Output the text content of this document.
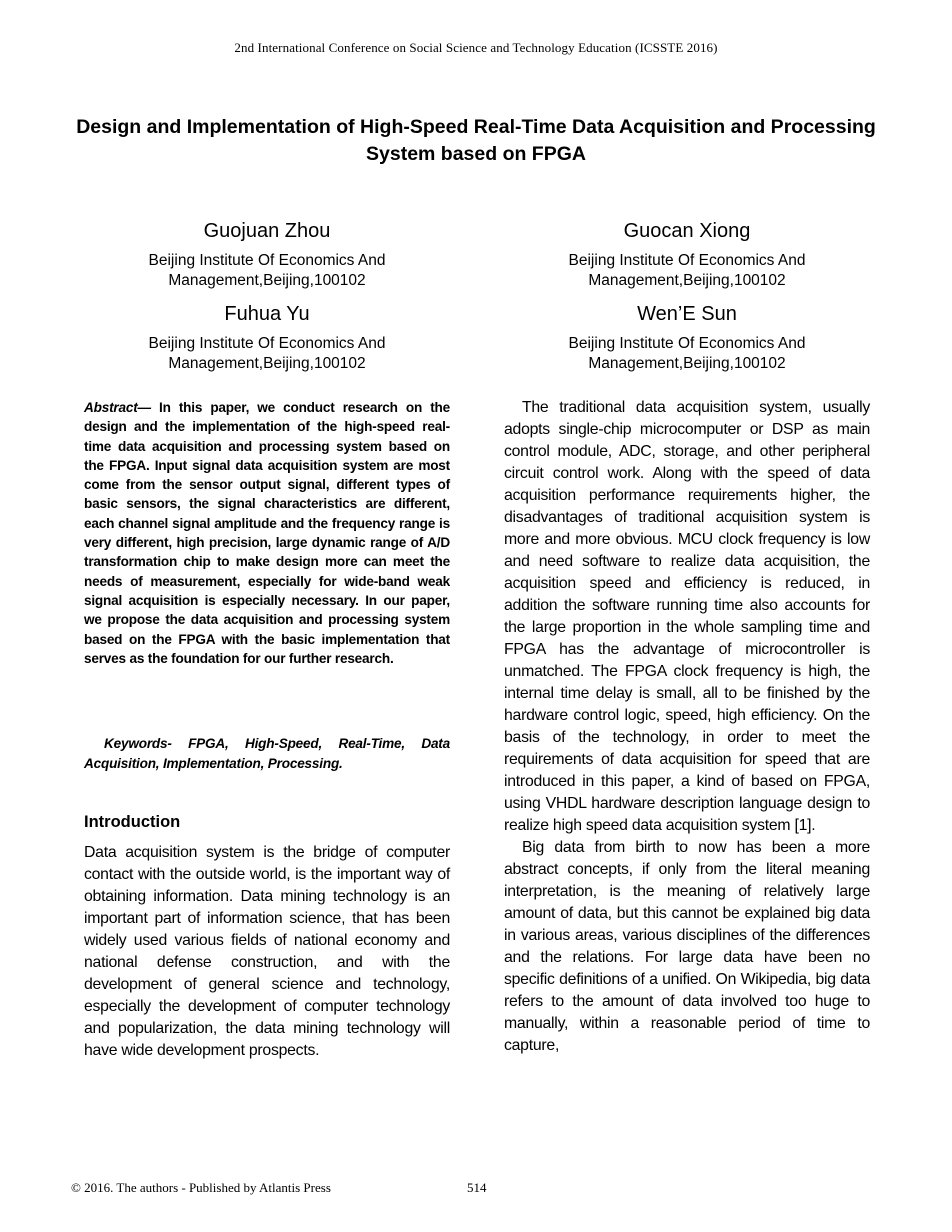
2nd International Conference on Social Science and Technology Education (ICSSTE 2016)
Design and Implementation of High-Speed Real-Time Data Acquisition and Processing System based on FPGA
Guojuan Zhou
Beijing Institute Of Economics And Management,Beijing,100102
Guocan Xiong
Beijing Institute Of Economics And Management,Beijing,100102
Fuhua Yu
Beijing Institute Of Economics And Management,Beijing,100102
Wen’E Sun
Beijing Institute Of Economics And Management,Beijing,100102

Abstract— In this paper, we conduct research on the design and the implementation of the high-speed real-time data acquisition and processing system based on the FPGA. Input signal data acquisition system are most come from the sensor output signal, different types of basic sensors, the signal characteristics are different, each channel signal amplitude and the frequency range is very different, high precision, large dynamic range of A/D transformation chip to make design more can meet the needs of measurement, especially for wide-band weak signal acquisition is especially necessary. In our paper, we propose the data acquisition and processing system based on the FPGA with the basic implementation that serves as the foundation for our further research.

Keywords- FPGA, High-Speed, Real-Time, Data Acquisition, Implementation, Processing.

Introduction

Data acquisition system is the bridge of computer contact with the outside world, is the important way of obtaining information. Data mining technology is an important part of information science, that has been widely used various fields of national economy and national defense construction, and with the development of general science and technology, especially the development of computer technology and popularization, the data mining technology will have wide development prospects.

The traditional data acquisition system, usually adopts single-chip microcomputer or DSP as main control module, ADC, storage, and other peripheral circuit control work. Along with the speed of data acquisition performance requirements higher, the disadvantages of traditional acquisition system is more and more obvious. MCU clock frequency is low and need software to realize data acquisition, the acquisition speed and efficiency is reduced, in addition the software running time also accounts for the large proportion in the whole sampling time and FPGA has the advantage of microcontroller is unmatched. The FPGA clock frequency is high, the internal time delay is small, all to be finished by the hardware control logic, speed, high efficiency. On the basis of the technology, in order to meet the requirements of data acquisition for speed that are introduced in this paper, a kind of based on FPGA, using VHDL hardware description language design to realize high speed data acquisition system [1].

Big data from birth to now has been a more abstract concepts, if only from the literal meaning interpretation, is the meaning of relatively large amount of data, but this cannot be explained big data in various areas, various disciplines of the differences and the relations. For large data have been no specific definitions of a unified. On Wikipedia, big data refers to the amount of data involved too huge to manually, within a reasonable period of time to capture,

© 2016. The authors - Published by Atlantis Press	514
